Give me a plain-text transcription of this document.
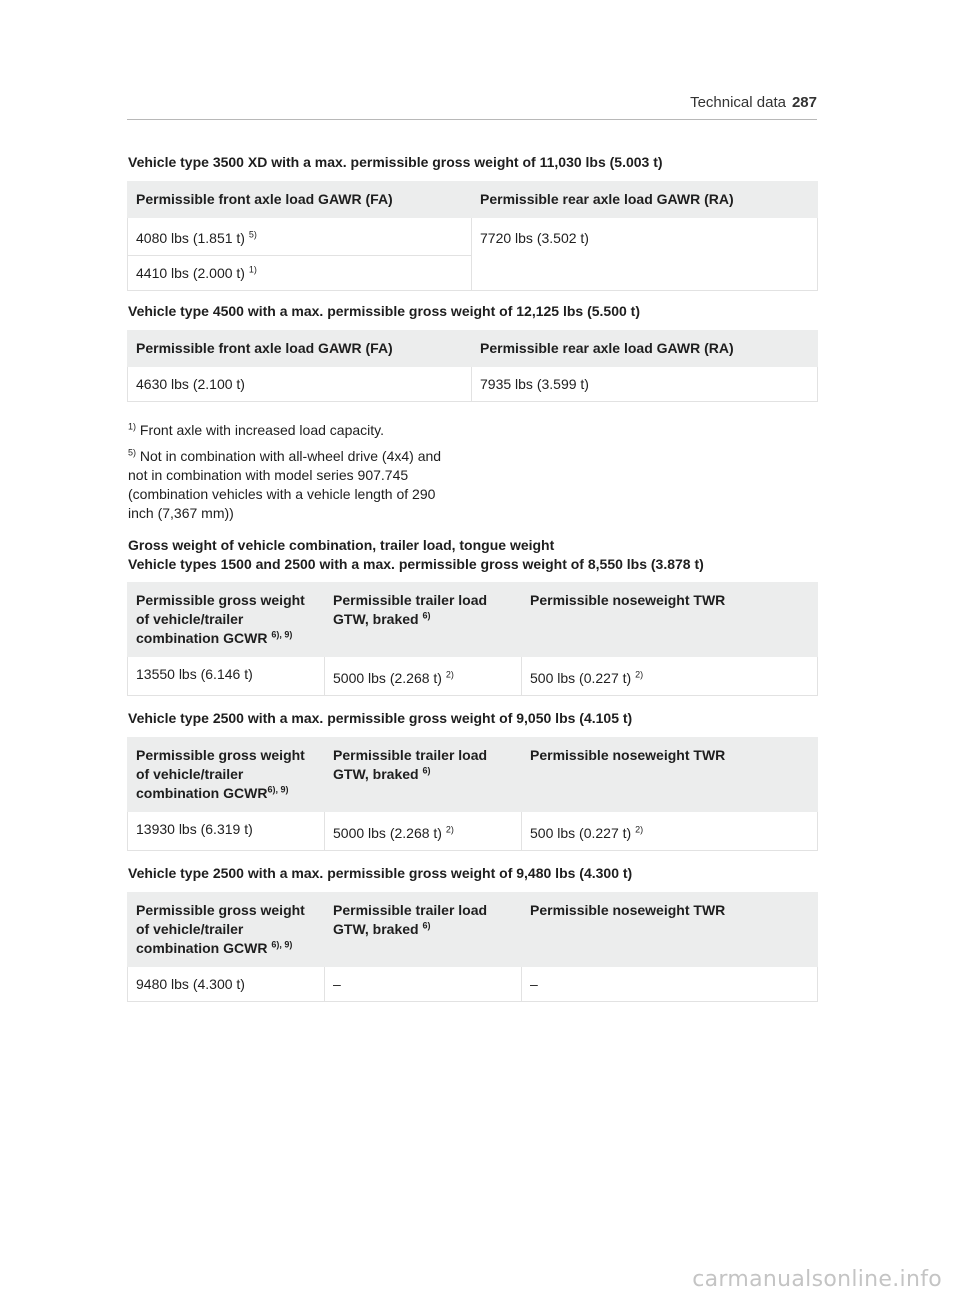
Technical data 287
Vehicle type 3500 XD with a max. permissible gross weight of 11,030 lbs (5.003 t)
Permissible front axle load GAWR (FA)	Permissible rear axle load GAWR (RA)
4080 lbs (1.851 t) $^{5)}$	7720 lbs (3.502 t)
4410 lbs (2.000 t) $^{1)}$
Vehicle type 4500 with a max. permissible gross weight of 12,125 lbs (5.500 t)
Permissible front axle load GAWR (FA)	Permissible rear axle load GAWR (RA)
4630 lbs (2.100 t)	7935 lbs (3.599 t)

$^{1)}$ Front axle with increased load capacity.

$^{5)}$ Not in combination with all-wheel drive (4x4) and not in combination with model series 907.745 (combination vehicles with a vehicle length of 290 inch (7,367 mm))

Gross weight of vehicle combination, trailer load, tongue weight
Vehicle types 1500 and 2500 with a max. permissible gross weight of 8,550 lbs (3.878 t)
Permissible gross weight of vehicle/trailer combination GCWR $^{6), 9)}$	Permissible trailer load GTW, braked $^{6)}$	Permissible noseweight TWR
13550 lbs (6.146 t)	5000 lbs (2.268 t) $^{2)}$	500 lbs (0.227 t) $^{2)}$
Vehicle type 2500 with a max. permissible gross weight of 9,050 lbs (4.105 t)
Permissible gross weight of vehicle/trailer combination $GCWR^{6), 9)}$	Permissible trailer load GTW, braked $^{6)}$	Permissible noseweight TWR
13930 lbs (6.319 t)	5000 lbs (2.268 t) $^{2)}$	500 lbs (0.227 t) $^{2)}$
Vehicle type 2500 with a max. permissible gross weight of 9,480 lbs (4.300 t)
Permissible gross weight of vehicle/trailer combination GCWR $^{6), 9)}$	Permissible trailer load GTW, braked $^{6)}$	Permissible noseweight TWR
9480 lbs (4.300 t)	–	–
carmanualsonline.info
